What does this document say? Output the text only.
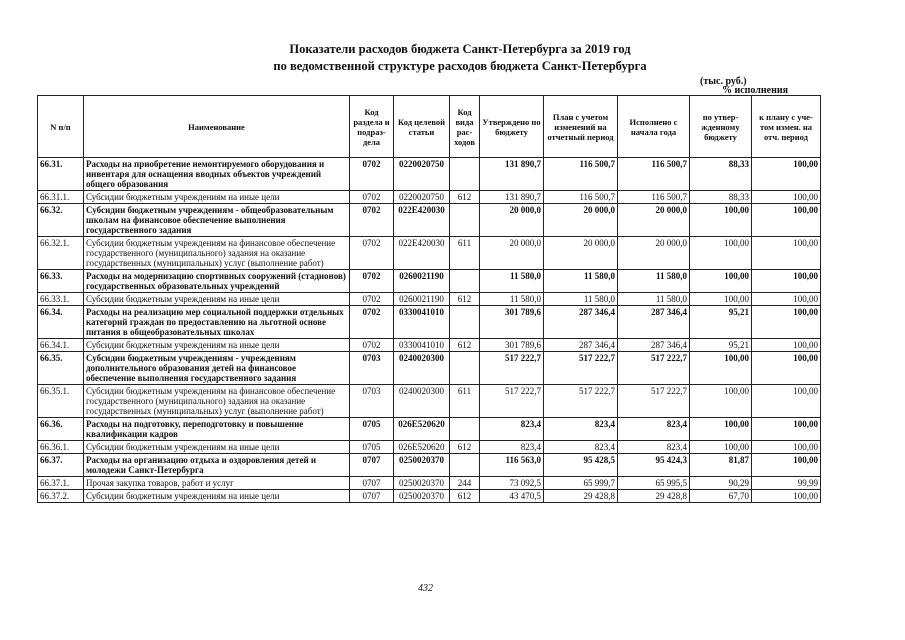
Показатели расходов бюджета Санкт-Петербурга за 2019 год
по ведомственной структуре расходов бюджета Санкт-Петербурга
(тыс. руб.)
% исполнения
N п/п	Наименование	Код раздела и подраз-дела	Код целевой статьи	Код вида рас-ходов	Утверждено по бюджету	План с учетом изменений на отчетный период	Исполнено с начала года	по утвер-жденному бюджету	к плану с уче-том измен. на отч. период
66.31.	Расходы на приобретение немонтируемого оборудования и инвентаря для оснащения вводных объектов учреждений общего образования	0702	0220020750		131 890,7	116 500,7	116 500,7	88,33	100,00
66.31.1.	Субсидии бюджетным учреждениям на иные цели	0702	0220020750	612	131 890,7	116 500,7	116 500,7	88,33	100,00
66.32.	Субсидии бюджетным учреждениям - общеобразовательным школам на финансовое обеспечение выполнения государственного задания	0702	022Е420030		20 000,0	20 000,0	20 000,0	100,00	100,00
66.32.1.	Субсидии бюджетным учреждениям на финансовое обеспечение государственного (муниципального) задания на оказание государственных (муниципальных) услуг (выполнение работ)	0702	022Е420030	611	20 000,0	20 000,0	20 000,0	100,00	100,00
66.33.	Расходы на модернизацию спортивных сооружений (стадионов) государственных образовательных учреждений	0702	0260021190		11 580,0	11 580,0	11 580,0	100,00	100,00
66.33.1.	Субсидии бюджетным учреждениям на иные цели	0702	0260021190	612	11 580,0	11 580,0	11 580,0	100,00	100,00
66.34.	Расходы на реализацию мер социальной поддержки отдельных категорий граждан по предоставлению на льготной основе питания в общеобразовательных школах	0702	0330041010		301 789,6	287 346,4	287 346,4	95,21	100,00
66.34.1.	Субсидии бюджетным учреждениям на иные цели	0702	0330041010	612	301 789,6	287 346,4	287 346,4	95,21	100,00
66.35.	Субсидии бюджетным учреждениям - учреждениям дополнительного образования детей на финансовое обеспечение выполнения государственного задания	0703	0240020300		517 222,7	517 222,7	517 222,7	100,00	100,00
66.35.1.	Субсидии бюджетным учреждениям на финансовое обеспечение государственного (муниципального) задания на оказание государственных (муниципальных) услуг (выполнение работ)	0703	0240020300	611	517 222,7	517 222,7	517 222,7	100,00	100,00
66.36.	Расходы на подготовку, переподготовку и повышение квалификации кадров	0705	026Е520620		823,4	823,4	823,4	100,00	100,00
66.36.1.	Субсидии бюджетным учреждениям на иные цели	0705	026Е520620	612	823,4	823,4	823,4	100,00	100,00
66.37.	Расходы на организацию отдыха и оздоровления детей и молодежи Санкт-Петербурга	0707	0250020370		116 563,0	95 428,5	95 424,3	81,87	100,00
66.37.1.	Прочая закупка товаров, работ и услуг	0707	0250020370	244	73 092,5	65 999,7	65 995,5	90,29	99,99
66.37.2.	Субсидии бюджетным учреждениям на иные цели	0707	0250020370	612	43 470,5	29 428,8	29 428,8	67,70	100,00
432
